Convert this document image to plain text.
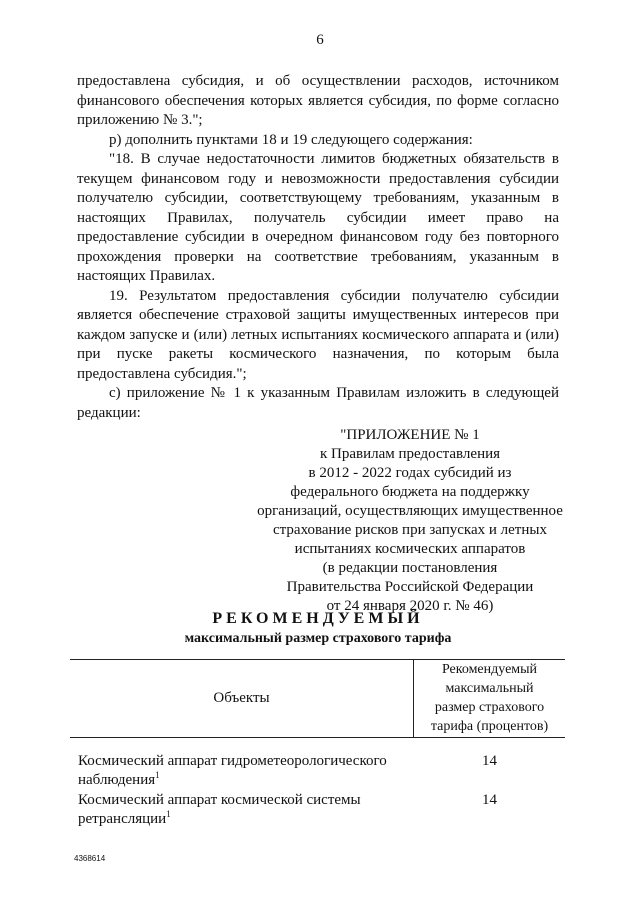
6

предоставлена субсидия, и об осуществлении расходов, источником финансового обеспечения которых является субсидия, по форме согласно приложению № 3.";

р) дополнить пунктами 18 и 19 следующего содержания:

"18. В случае недостаточности лимитов бюджетных обязательств в текущем финансовом году и невозможности предоставления субсидии получателю субсидии, соответствующему требованиям, указанным в настоящих Правилах, получатель субсидии имеет право на предоставление субсидии в очередном финансовом году без повторного прохождения проверки на соответствие требованиям, указанным в настоящих Правилах.

19. Результатом предоставления субсидии получателю субсидии является обеспечение страховой защиты имущественных интересов при каждом запуске и (или) летных испытаниях космического аппарата и (или) при пуске ракеты космического назначения, по которым была предоставлена субсидия.";

с) приложение № 1 к указанным Правилам изложить в следующей редакции:

"ПРИЛОЖЕНИЕ № 1
к Правилам предоставления
в 2012 - 2022 годах субсидий из
федерального бюджета на поддержку
организаций, осуществляющих имущественное
страхование рисков при запусках и летных
испытаниях космических аппаратов
(в редакции постановления
Правительства Российской Федерации
от 24 января 2020 г. № 46)
РЕКОМЕНДУЕМЫЙ
максимальный размер страхового тарифа
Объекты
Рекомендуемый
максимальный
размер страхового
тарифа (процентов)
Космический аппарат гидрометеорологического
наблюдения$^1$
14
Космический аппарат космической системы
ретрансляции$^1$
14
4368614
